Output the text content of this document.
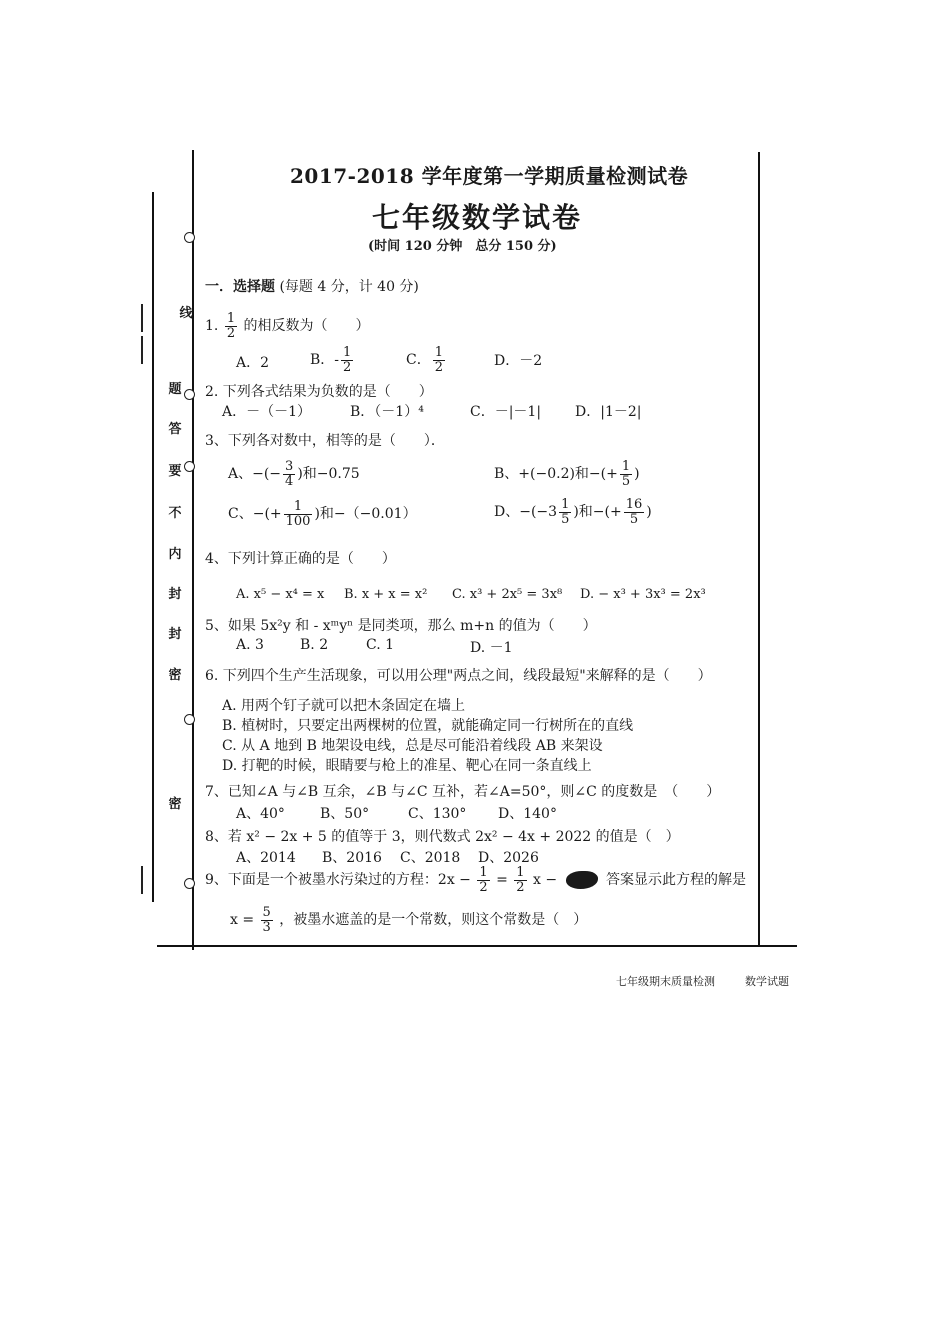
线
题
答
要
不
内
封
封
密
密
2017-2018 学年度第一学期质量检测试卷
七年级数学试卷
(时间 120 分钟　总分 150 分)
一．选择题 (每题 4 分，计 40 分)
1. $\frac{1}{2}$ 的相反数为（　　）
A．2	B．- $\frac{1}{2}$	C． $\frac{1}{2}$	D．－2
2. 下列各式结果为负数的是（　　）
A．－（－1）	B．（－1）⁴	C．－|－1| D．|1－2|
3、下列各对数中，相等的是（　　）．
A、−(− $\frac{3}{4}$ )和−0.75	B、+(−0.2)和−(+ $\frac{1}{5}$ )
C、−(+ $\frac{1}{100}$ )和−（−0.01）	D、$-(-3 \frac{1}{5}$ )和−(+ $\frac{16}{5}$ )
4、下列计算正确的是（　　）
A. x⁵ − x⁴ = x B. x + x = x² C. x³ + 2x⁵ = 3x⁸ D. − x³ + 3x³ = 2x³
5、如果 5x²y 和 - xᵐyⁿ 是同类项，那么 m+n 的值为（　　）
A. 3	B. 2	C. 1	D. －1
6. 下列四个生产生活现象，可以用公理"两点之间，线段最短"来解释的是（　　）
A. 用两个钉子就可以把木条固定在墙上
B. 植树时，只要定出两棵树的位置，就能确定同一行树所在的直线
C. 从 A 地到 B 地架设电线，总是尽可能沿着线段 AB 来架设
D. 打靶的时候，眼睛要与枪上的准星、靶心在同一条直线上
7、已知∠A 与∠B 互余，∠B 与∠C 互补，若∠A=50°，则∠C 的度数是　（　　）
A、40°	B、50°	C、130° D、140°
8、若 x² − 2x + 5 的值等于 3，则代数式 2x² − 4x + 2022 的值是（　）
A、2014 B、2016 C、2018 D、2026
9、下面是一个被墨水污染过的方程：$2x - \frac{1}{2} = \frac{1}{2}$ x −	答案显示此方程的解是
$x = \frac{5}{3}$ ，被墨水遮盖的是一个常数，则这个常数是（　）
七年级期末质量检测	数学试题
